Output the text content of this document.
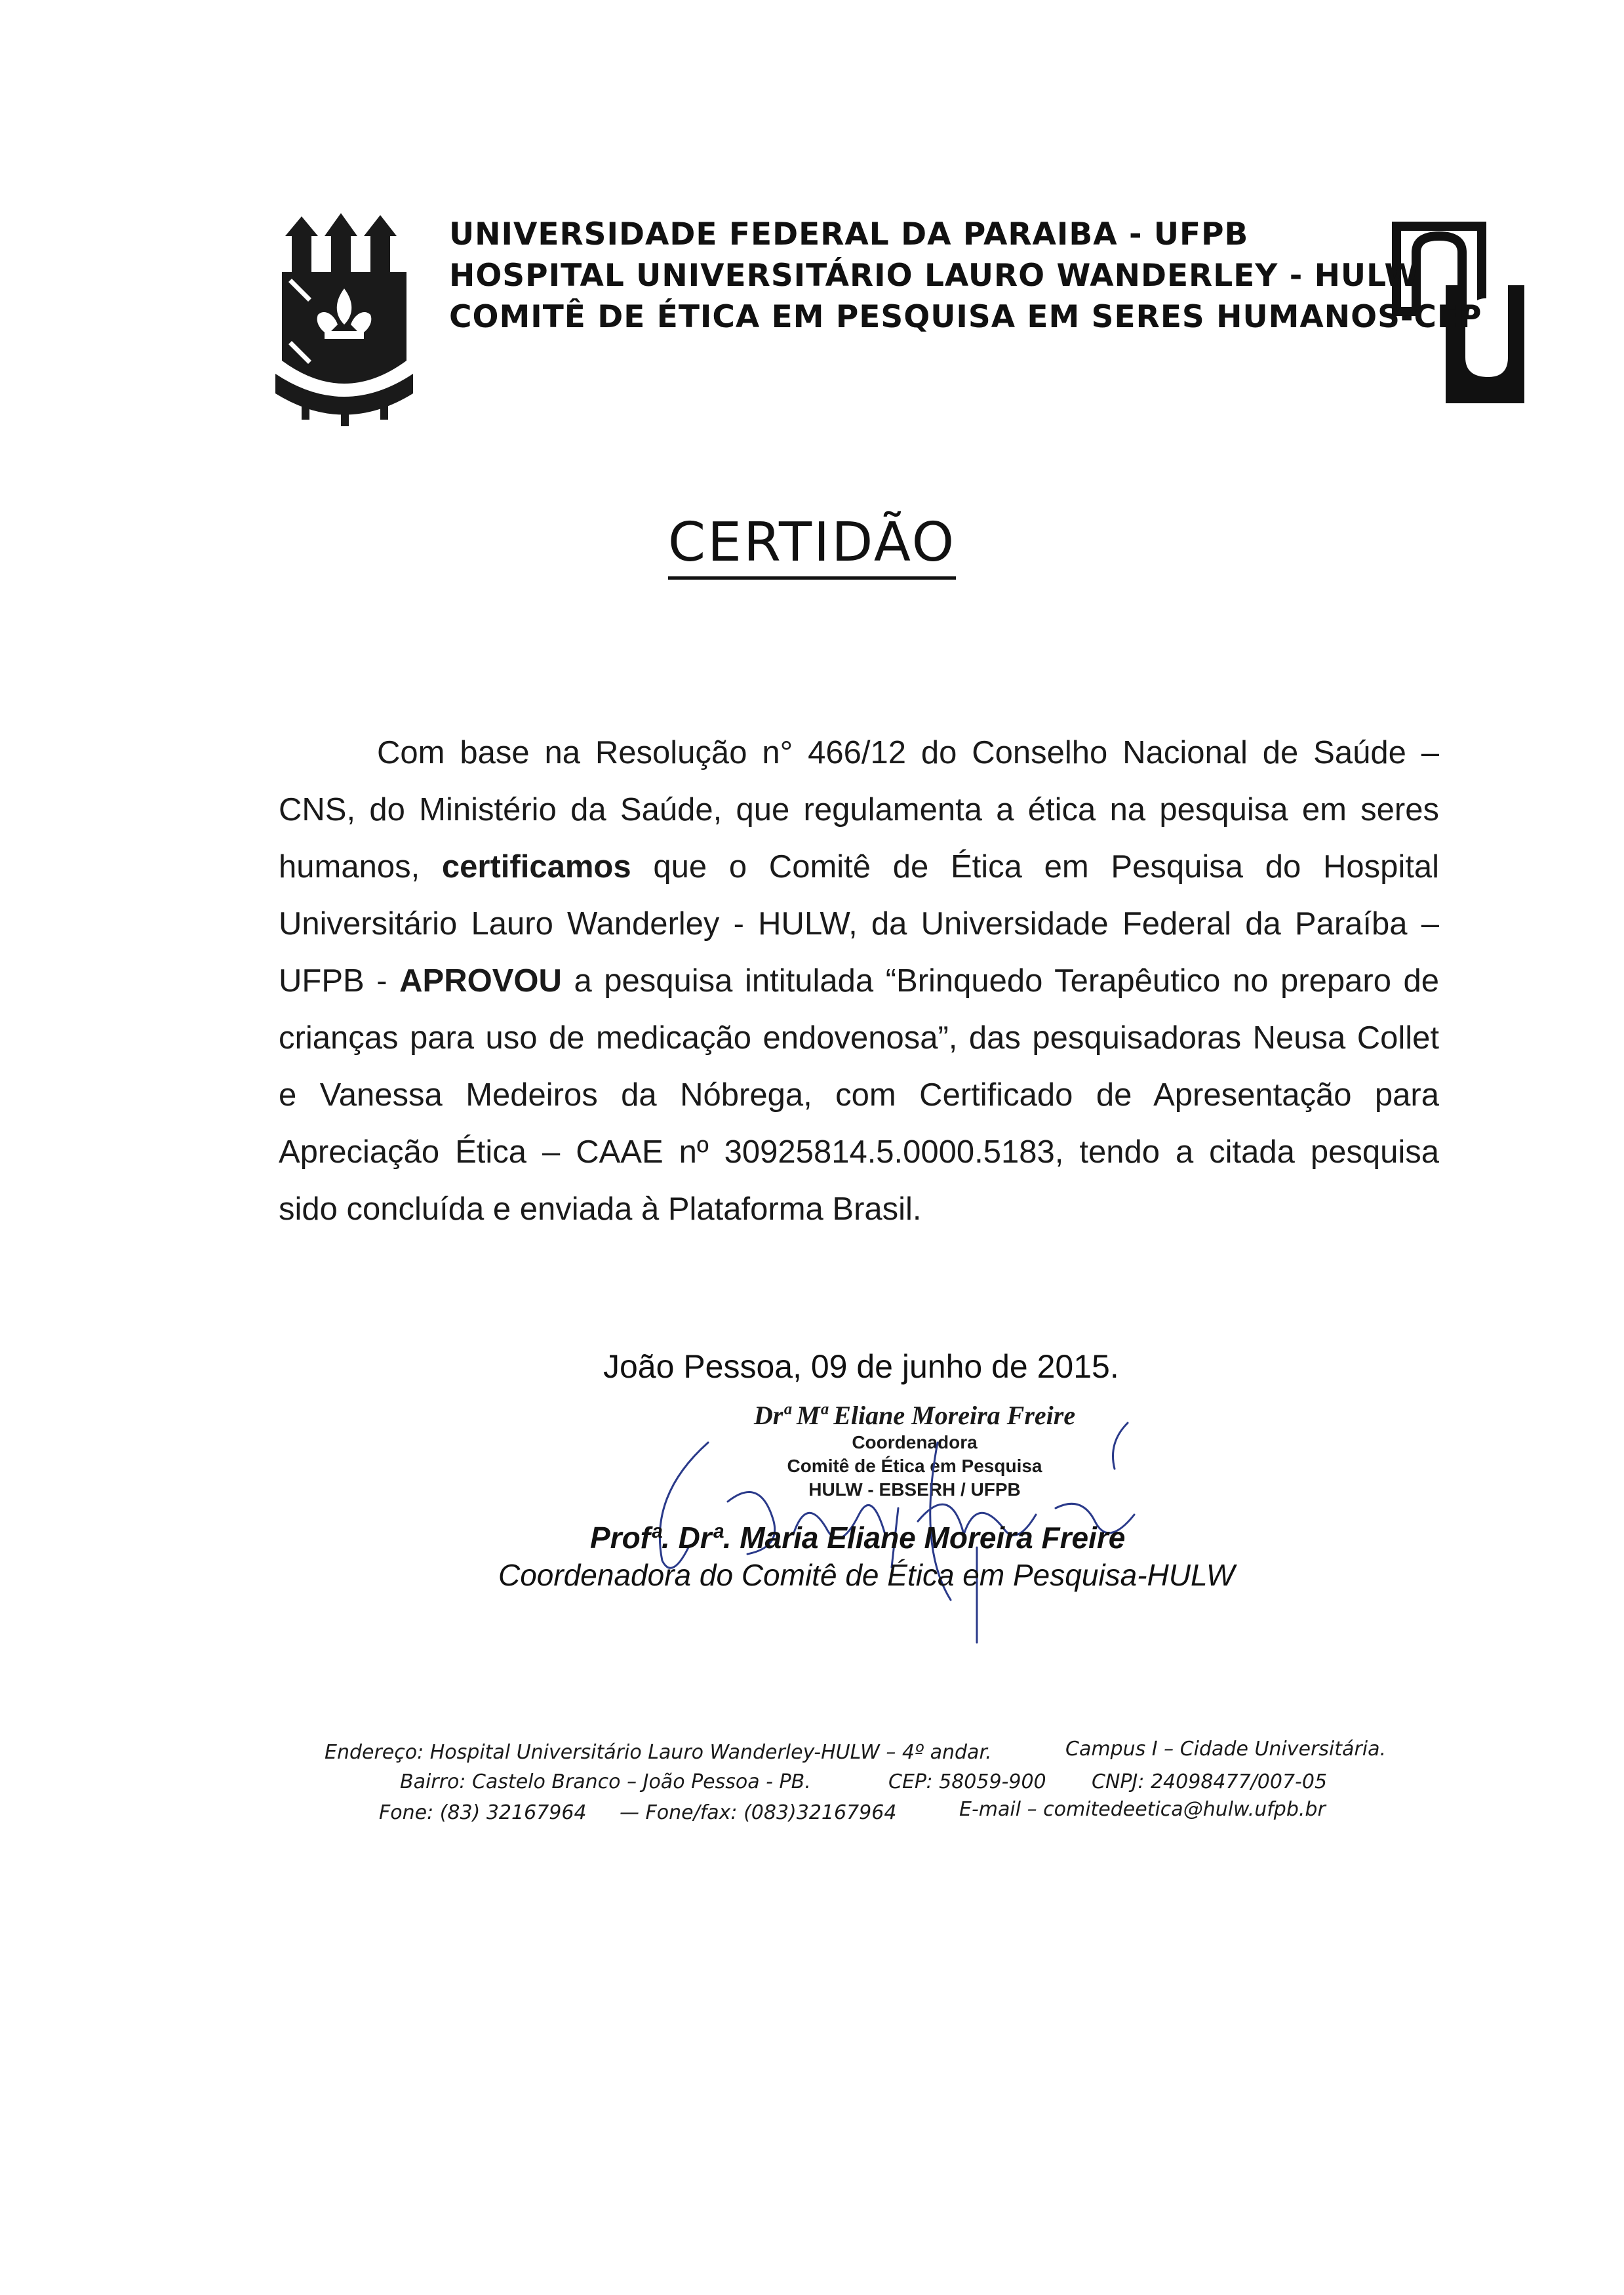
UNIVERSIDADE FEDERAL DA PARAIBA - UFPB
HOSPITAL UNIVERSITÁRIO LAURO WANDERLEY - HULW
COMITÊ DE ÉTICA EM PESQUISA EM SERES HUMANOS-CEP
CERTIDÃO
Com base na Resolução n° 466/12 do Conselho Nacional de Saúde – CNS, do Ministério da Saúde, que regulamenta a ética na pesquisa em seres humanos, certificamos que o Comitê de Ética em Pesquisa do Hospital Universitário Lauro Wanderley - HULW, da Universidade Federal da Paraíba – UFPB - APROVOU a pesquisa intitulada “Brinquedo Terapêutico no preparo de crianças para uso de medicação endovenosa”, das pesquisadoras Neusa Collet e Vanessa Medeiros da Nóbrega, com Certificado de Apresentação para Apreciação Ética – CAAE nº 30925814.5.0000.5183, tendo a citada pesquisa sido concluída e enviada à Plataforma Brasil.
João Pessoa, 09 de junho de 2015.
Drª Mª Eliane Moreira Freire
Coordenadora
Comitê de Ética em Pesquisa
HULW - EBSERH / UFPB
Profª. Drª. Maria Eliane Moreira Freire
Coordenadora do Comitê de Ética em Pesquisa-HULW
Endereço: Hospital Universitário Lauro Wanderley-HULW – 4º andar.	Campus I – Cidade Universitária.
Bairro: Castelo Branco – João Pessoa - PB.	CEP: 58059-900 CNPJ: 24098477/007-05
Fone: (83) 32167964 — Fone/fax: (083)32167964	E-mail – comitedeetica@hulw.ufpb.br
